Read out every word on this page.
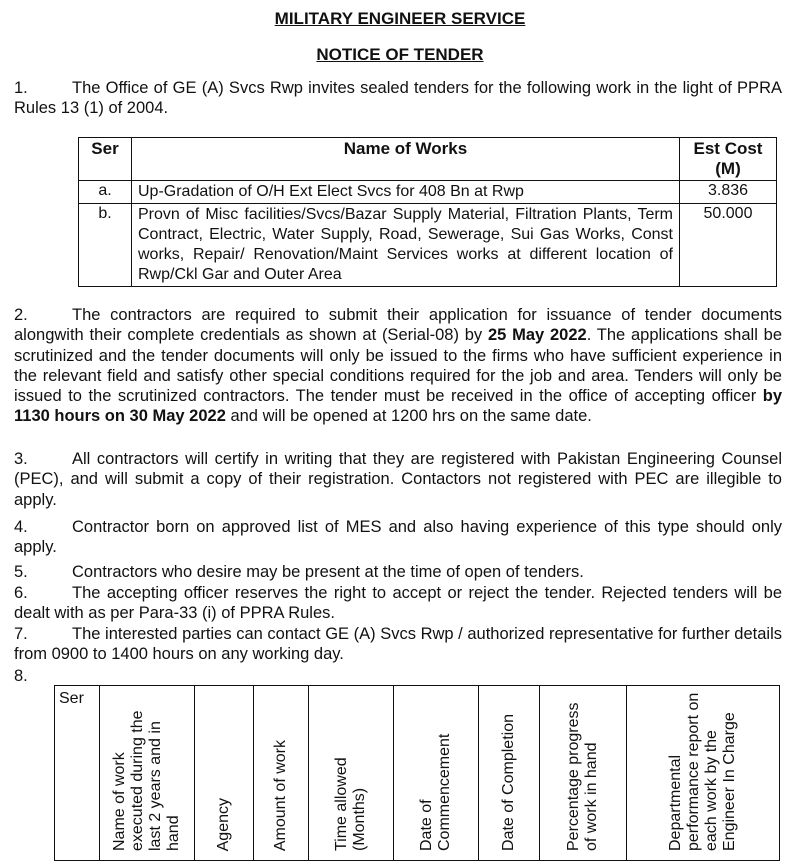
MILITARY ENGINEER SERVICE
NOTICE OF TENDER
1.	The Office of GE (A) Svcs Rwp invites sealed tenders for the following work in the light of PPRA Rules 13 (1) of 2004.
Ser	Name of Works	Est Cost (M)
a.	Up-Gradation of O/H Ext Elect Svcs for 408 Bn at Rwp	3.836
b.	Provn of Misc facilities/Svcs/Bazar Supply Material, Filtration Plants, Term Contract, Electric, Water Supply, Road, Sewerage, Sui Gas Works, Const works, Repair/ Renovation/Maint Services works at different location of Rwp/Ckl Gar and Outer Area	50.000
2.	The contractors are required to submit their application for issuance of tender documents alongwith their complete credentials as shown at (Serial-08) by 25 May 2022. The applications shall be scrutinized and the tender documents will only be issued to the firms who have sufficient experience in the relevant field and satisfy other special conditions required for the job and area. Tenders will only be issued to the scrutinized contractors. The tender must be received in the office of accepting officer by 1130 hours on 30 May 2022 and will be opened at 1200 hrs on the same date.
3.	All contractors will certify in writing that they are registered with Pakistan Engineering Counsel (PEC), and will submit a copy of their registration. Contactors not registered with PEC are illegible to apply.
4.	Contractor born on approved list of MES and also having experience of this type should only apply.
5.	Contractors who desire may be present at the time of open of tenders.
6.	The accepting officer reserves the right to accept or reject the tender. Rejected tenders will be dealt with as per Para-33 (i) of PPRA Rules.
7.	The interested parties can contact GE (A) Svcs Rwp / authorized representative for further details from 0900 to 1400 hours on any working day.
8.
Ser	Name of work executed during the last 2 years and in hand	Agency	Amount of work	Time allowed (Months)	Date of Commencement	Date of Completion	Percentage progress of work in hand	Departmental performance report on each work by the Engineer In Charge
